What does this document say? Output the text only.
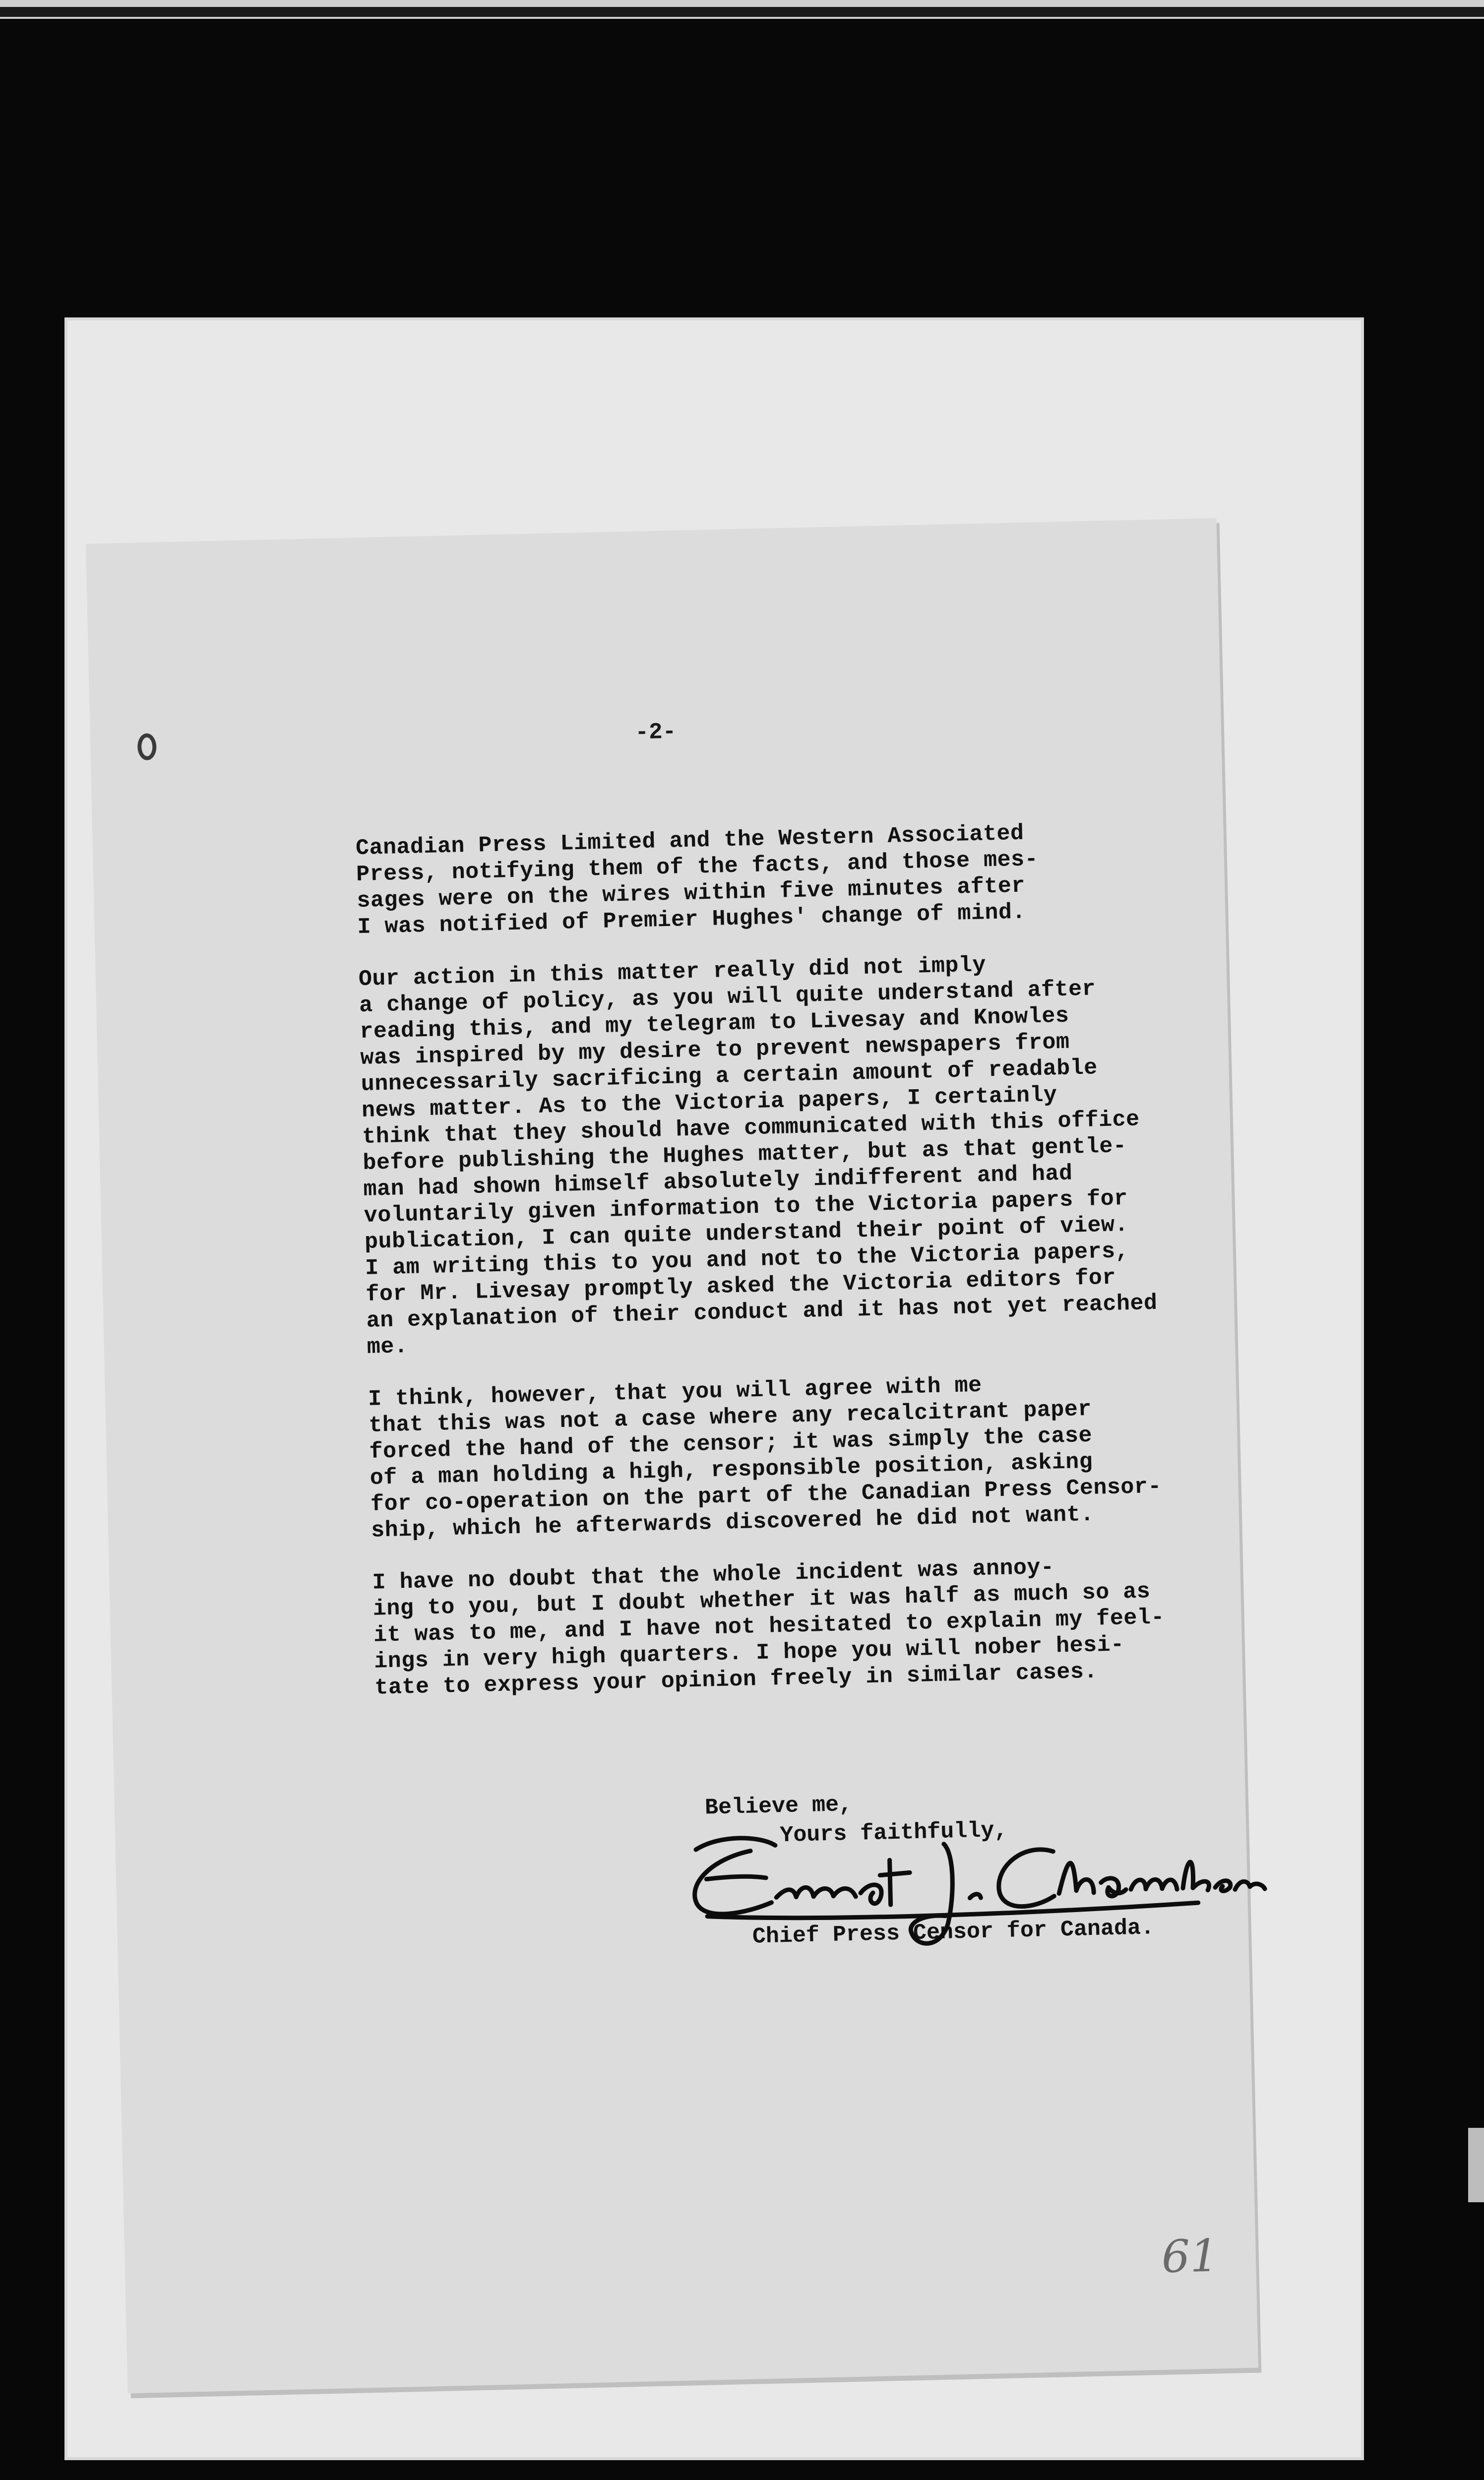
-2-

Canadian Press Limited and the Western Associated
Press, notifying them of the facts, and those mes-
sages were on the wires within five minutes after
I was notified of Premier Hughes' change of mind.

Our action in this matter really did not imply
a change of policy, as you will quite understand after
reading this, and my telegram to Livesay and Knowles
was inspired by my desire to prevent newspapers from
unnecessarily sacrificing a certain amount of readable
news matter. As to the Victoria papers, I certainly
think that they should have communicated with this office
before publishing the Hughes matter, but as that gentle-
man had shown himself absolutely indifferent and had
voluntarily given information to the Victoria papers for
publication, I can quite understand their point of view.
I am writing this to you and not to the Victoria papers,
for Mr. Livesay promptly asked the Victoria editors for
an explanation of their conduct and it has not yet reached
me.

I think, however, that you will agree with me
that this was not a case where any recalcitrant paper
forced the hand of the censor; it was simply the case
of a man holding a high, responsible position, asking
for co-operation on the part of the Canadian Press Censor-
ship, which he afterwards discovered he did not want.

I have no doubt that the whole incident was annoy-
ing to you, but I doubt whether it was half as much so as
it was to me, and I have not hesitated to explain my feel-
ings in very high quarters. I hope you will nober hesi-
tate to express your opinion freely in similar cases.

Believe me,
Yours faithfully,
Chief Press Censor for Canada.
61
